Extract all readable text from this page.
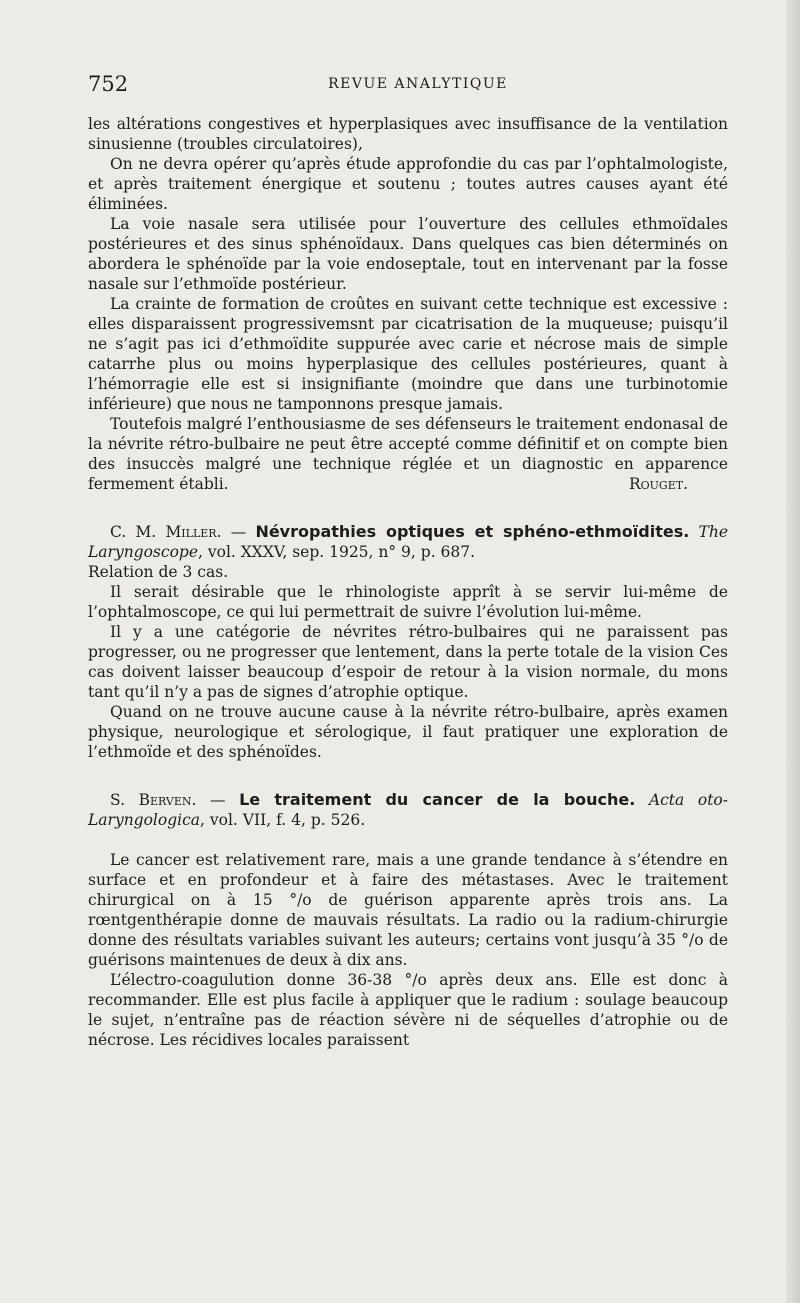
752	REVUE ANALYTIQUE

les altérations congestives et hyperplasiques avec insuffisance de la ventilation sinusienne (troubles circulatoires),

On ne devra opérer qu’après étude approfondie du cas par l’ophtalmologiste, et après traitement énergique et soutenu ; toutes autres causes ayant été éliminées.

La voie nasale sera utilisée pour l’ouverture des cellules ethmoïdales postérieures et des sinus sphénoïdaux. Dans quelques cas bien déterminés on abordera le sphénoïde par la voie endoseptale, tout en intervenant par la fosse nasale sur l’ethmoïde postérieur.

La crainte de formation de croûtes en suivant cette technique est excessive : elles disparaissent progressivemsnt par cicatrisation de la muqueuse; puisqu’il ne s’agit pas ici d’ethmoïdite suppurée avec carie et nécrose mais de simple catarrhe plus ou moins hyperplasique des cellules postérieures, quant à l’hémorragie elle est si insignifiante (moindre que dans une turbinotomie inférieure) que nous ne tamponnons presque jamais.

Toutefois malgré l’enthousiasme de ses défenseurs le traitement endonasal de la névrite rétro-bulbaire ne peut être accepté comme définitif et on compte bien des insuccès malgré une technique réglée et un diagnostic en apparence fermement établi.	Rouget.

C. M. Miller. — Névropathies optiques et sphéno-ethmoïdites. The Laryngoscope, vol. XXXV, sep. 1925, n° 9, p. 687.

Relation de 3 cas.

Il serait désirable que le rhinologiste apprît à se servir lui-même de l’ophtalmoscope, ce qui lui permettrait de suivre l’évolution lui-même.

Il y a une catégorie de névrites rétro-bulbaires qui ne paraissent pas progresser, ou ne progresser que lentement, dans la perte totale de la vision Ces cas doivent laisser beaucoup d’espoir de retour à la vision normale, du mons tant qu’il n’y a pas de signes d’atrophie optique.

Quand on ne trouve aucune cause à la névrite rétro-bulbaire, après examen physique, neurologique et sérologique, il faut pratiquer une exploration de l’ethmoïde et des sphénoïdes.

S. Berven. — Le traitement du cancer de la bouche. Acta oto-Laryngologica, vol. VII, f. 4, p. 526.

Le cancer est relativement rare, mais a une grande tendance à s’étendre en surface et en profondeur et à faire des métastases. Avec le traitement chirurgical on à 15 °/o de guérison apparente après trois ans. La rœntgenthérapie donne de mauvais résultats. La radio ou la radium-chirurgie donne des résultats variables suivant les auteurs; certains vont jusqu’à 35 °/o de guérisons maintenues de deux à dix ans.

L’électro-coagulution donne 36-38 °/o après deux ans. Elle est donc à recommander. Elle est plus facile à appliquer que le radium : soulage beaucoup le sujet, n’entraîne pas de réaction sévère ni de séquelles d’atrophie ou de nécrose. Les récidives locales paraissent
